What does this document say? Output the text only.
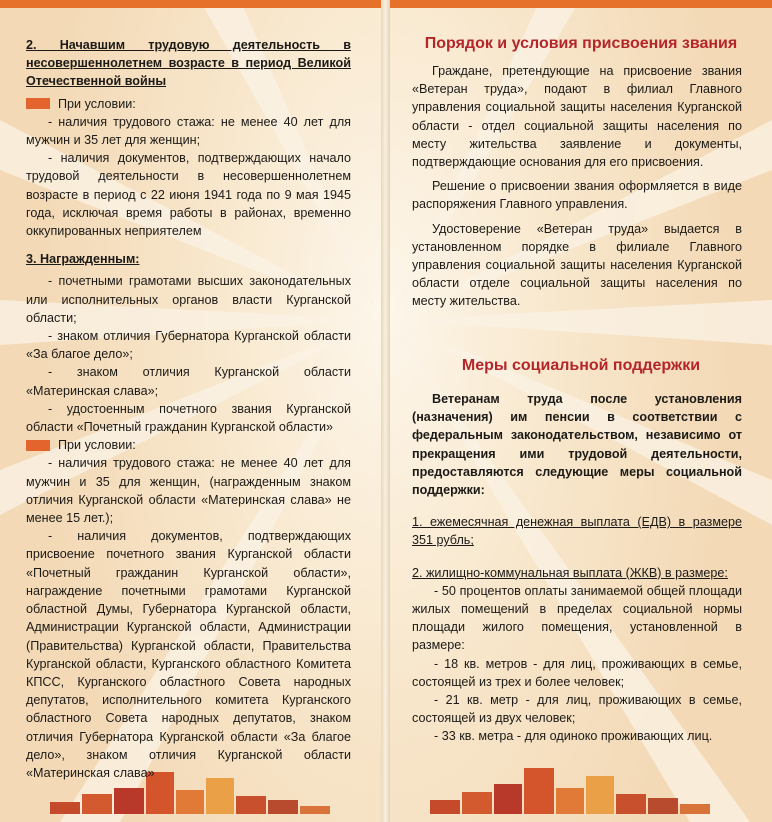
2. Начавшим трудовую деятельность в несовершеннолетнем возрасте в период Великой Отечественной войны

При условии:

- наличия трудового стажа: не менее 40 лет для мужчин и 35 лет для женщин;

- наличия документов, подтверждающих начало трудовой деятельности в несовершеннолетнем возрасте в период с 22 июня 1941 года по 9 мая 1945 года, исключая время работы в районах, временно оккупированных неприятелем

3. Награжденным:

- почетными грамотами высших законодательных или исполнительных органов власти Курганской области;

- знаком отличия Губернатора Курганской области «За благое дело»;

- знаком отличия Курганской области «Материнская слава»;

- удостоенным почетного звания Курганской области «Почетный гражданин Курганской области»

При условии:

- наличия трудового стажа: не менее 40 лет для мужчин и 35 для женщин, (награжденным знаком отличия Курганской области «Материнская слава» не менее 15 лет.);

- наличия документов, подтверждающих присвоение почетного звания Курганской области «Почетный гражданин Курганской области», награждение почетными грамотами Курганской областной Думы, Губернатора Курганской области, Администрации Курганской области, Администрации (Правительства) Курганской области, Правительства Курганской области, Курганского областного Комитета КПСС, Курганского областного Совета народных депутатов, исполнительного комитета Курганского областного Совета народных депутатов, знаком отличия Губернатора Курганской области «За благое дело», знаком отличия Курганской области «Материнская слава»

Порядок и условия присвоения звания

Граждане, претендующие на присвоение звания «Ветеран труда», подают в филиал Главного управления социальной защиты населения Курганской области - отдел социальной защиты населения по месту жительства заявление и документы, подтверждающие основания для его присвоения.

Решение о присвоении звания оформляется в виде распоряжения Главного управления.

Удостоверение «Ветеран труда» выдается в установленном порядке в филиале Главного управления социальной защиты населения Курганской области отделе социальной защиты населения по месту жительства.

Меры социальной поддержки

Ветеранам труда после установления (назначения) им пенсии в соответствии с федеральным законодательством, независимо от прекращения ими трудовой деятельности, предоставляются следующие меры социальной поддержки:

1. ежемесячная денежная выплата (ЕДВ) в размере 351 рубль;

2. жилищно-коммунальная выплата (ЖКВ) в размере:

- 50 процентов оплаты занимаемой общей площади жилых помещений в пределах социальной нормы площади жилого помещения, установленной в размере:

- 18 кв. метров - для лиц, проживающих в семье, состоящей из трех и более человек;

- 21 кв. метр - для лиц, проживающих в семье, состоящей из двух человек;

- 33 кв. метра - для одиноко проживающих лиц.
